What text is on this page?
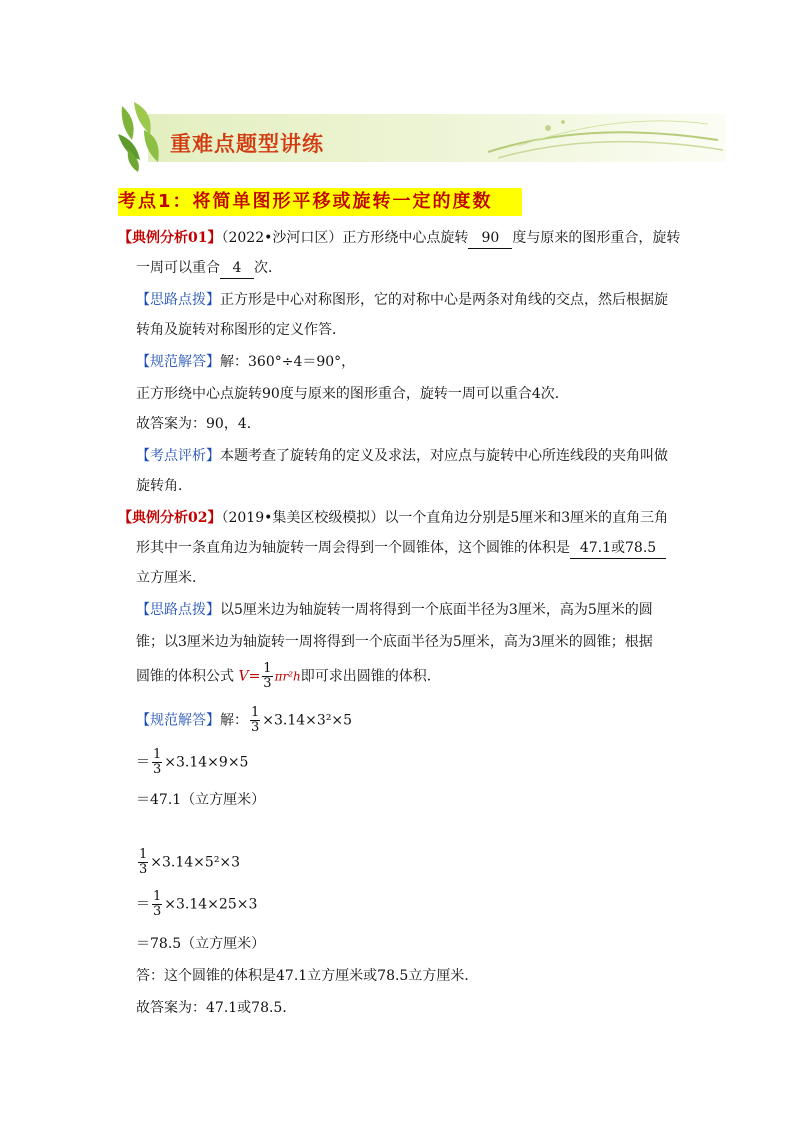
重难点题型讲练
考点1：将简单图形平移或旋转一定的度数
【典例分析01】（2022•沙河口区）正方形绕中心点旋转 90 度与原来的图形重合，旋转
一周可以重合 4 次．
【思路点拨】正方形是中心对称图形，它的对称中心是两条对角线的交点，然后根据旋
转角及旋转对称图形的定义作答．
【规范解答】解：360°÷4＝90°，
正方形绕中心点旋转90度与原来的图形重合，旋转一周可以重合4次．
故答案为：90，4．
【考点评析】本题考查了旋转角的定义及求法，对应点与旋转中心所连线段的夹角叫做
旋转角．
【典例分析02】（2019•集美区校级模拟）以一个直角边分别是5厘米和3厘米的直角三角
形其中一条直角边为轴旋转一周会得到一个圆锥体，这个圆锥的体积是 47.1或78.5
立方厘米．
【思路点拨】以5厘米边为轴旋转一周将得到一个底面半径为3厘米，高为5厘米的圆
锥；以3厘米边为轴旋转一周将得到一个底面半径为5厘米，高为3厘米的圆锥；根据
圆锥的体积公式 $V= \frac{1}{3} \pi r^2h$即可求出圆锥的体积．
【规范解答】解： $\frac{1}{3} \times 3.14\times 3^2\times 5$
＝ $\frac{1}{3} \times 3.14\times 9\times 5$
＝47.1（立方厘米）
$\frac{1}{3} \times 3.14\times 5^2\times 3$
＝ $\frac{1}{3} \times 3.14\times 25\times 3$
＝78.5（立方厘米）
答：这个圆锥的体积是47.1立方厘米或78.5立方厘米．
故答案为：47.1或78.5．
